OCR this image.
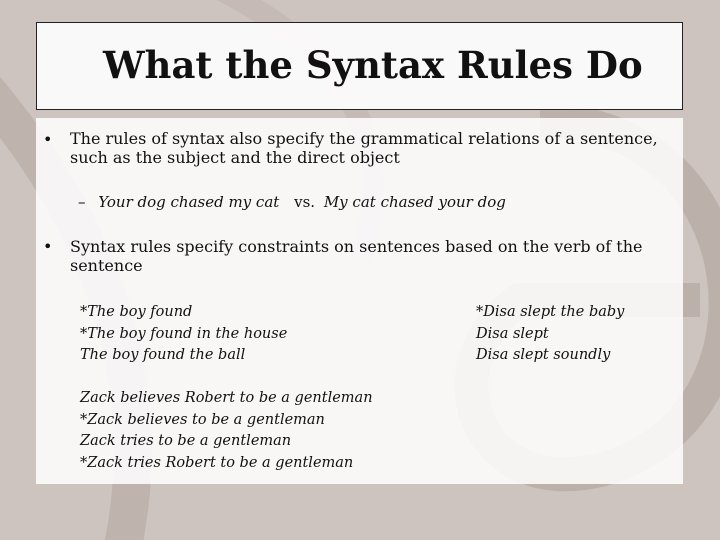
What the Syntax Rules Do
• The rules of syntax also specify the grammatical relations of a sentence, such as the subject and the direct object
– Your dog chased my cat vs. My cat chased your dog
• Syntax rules specify constraints on sentences based on the verb of the sentence
*The boy found
*The boy found in the house
The boy found the ball
*Disa slept the baby
Disa slept
Disa slept soundly
Zack believes Robert to be a gentleman
*Zack believes to be a gentleman
Zack tries to be a gentleman
*Zack tries Robert to be a gentleman
